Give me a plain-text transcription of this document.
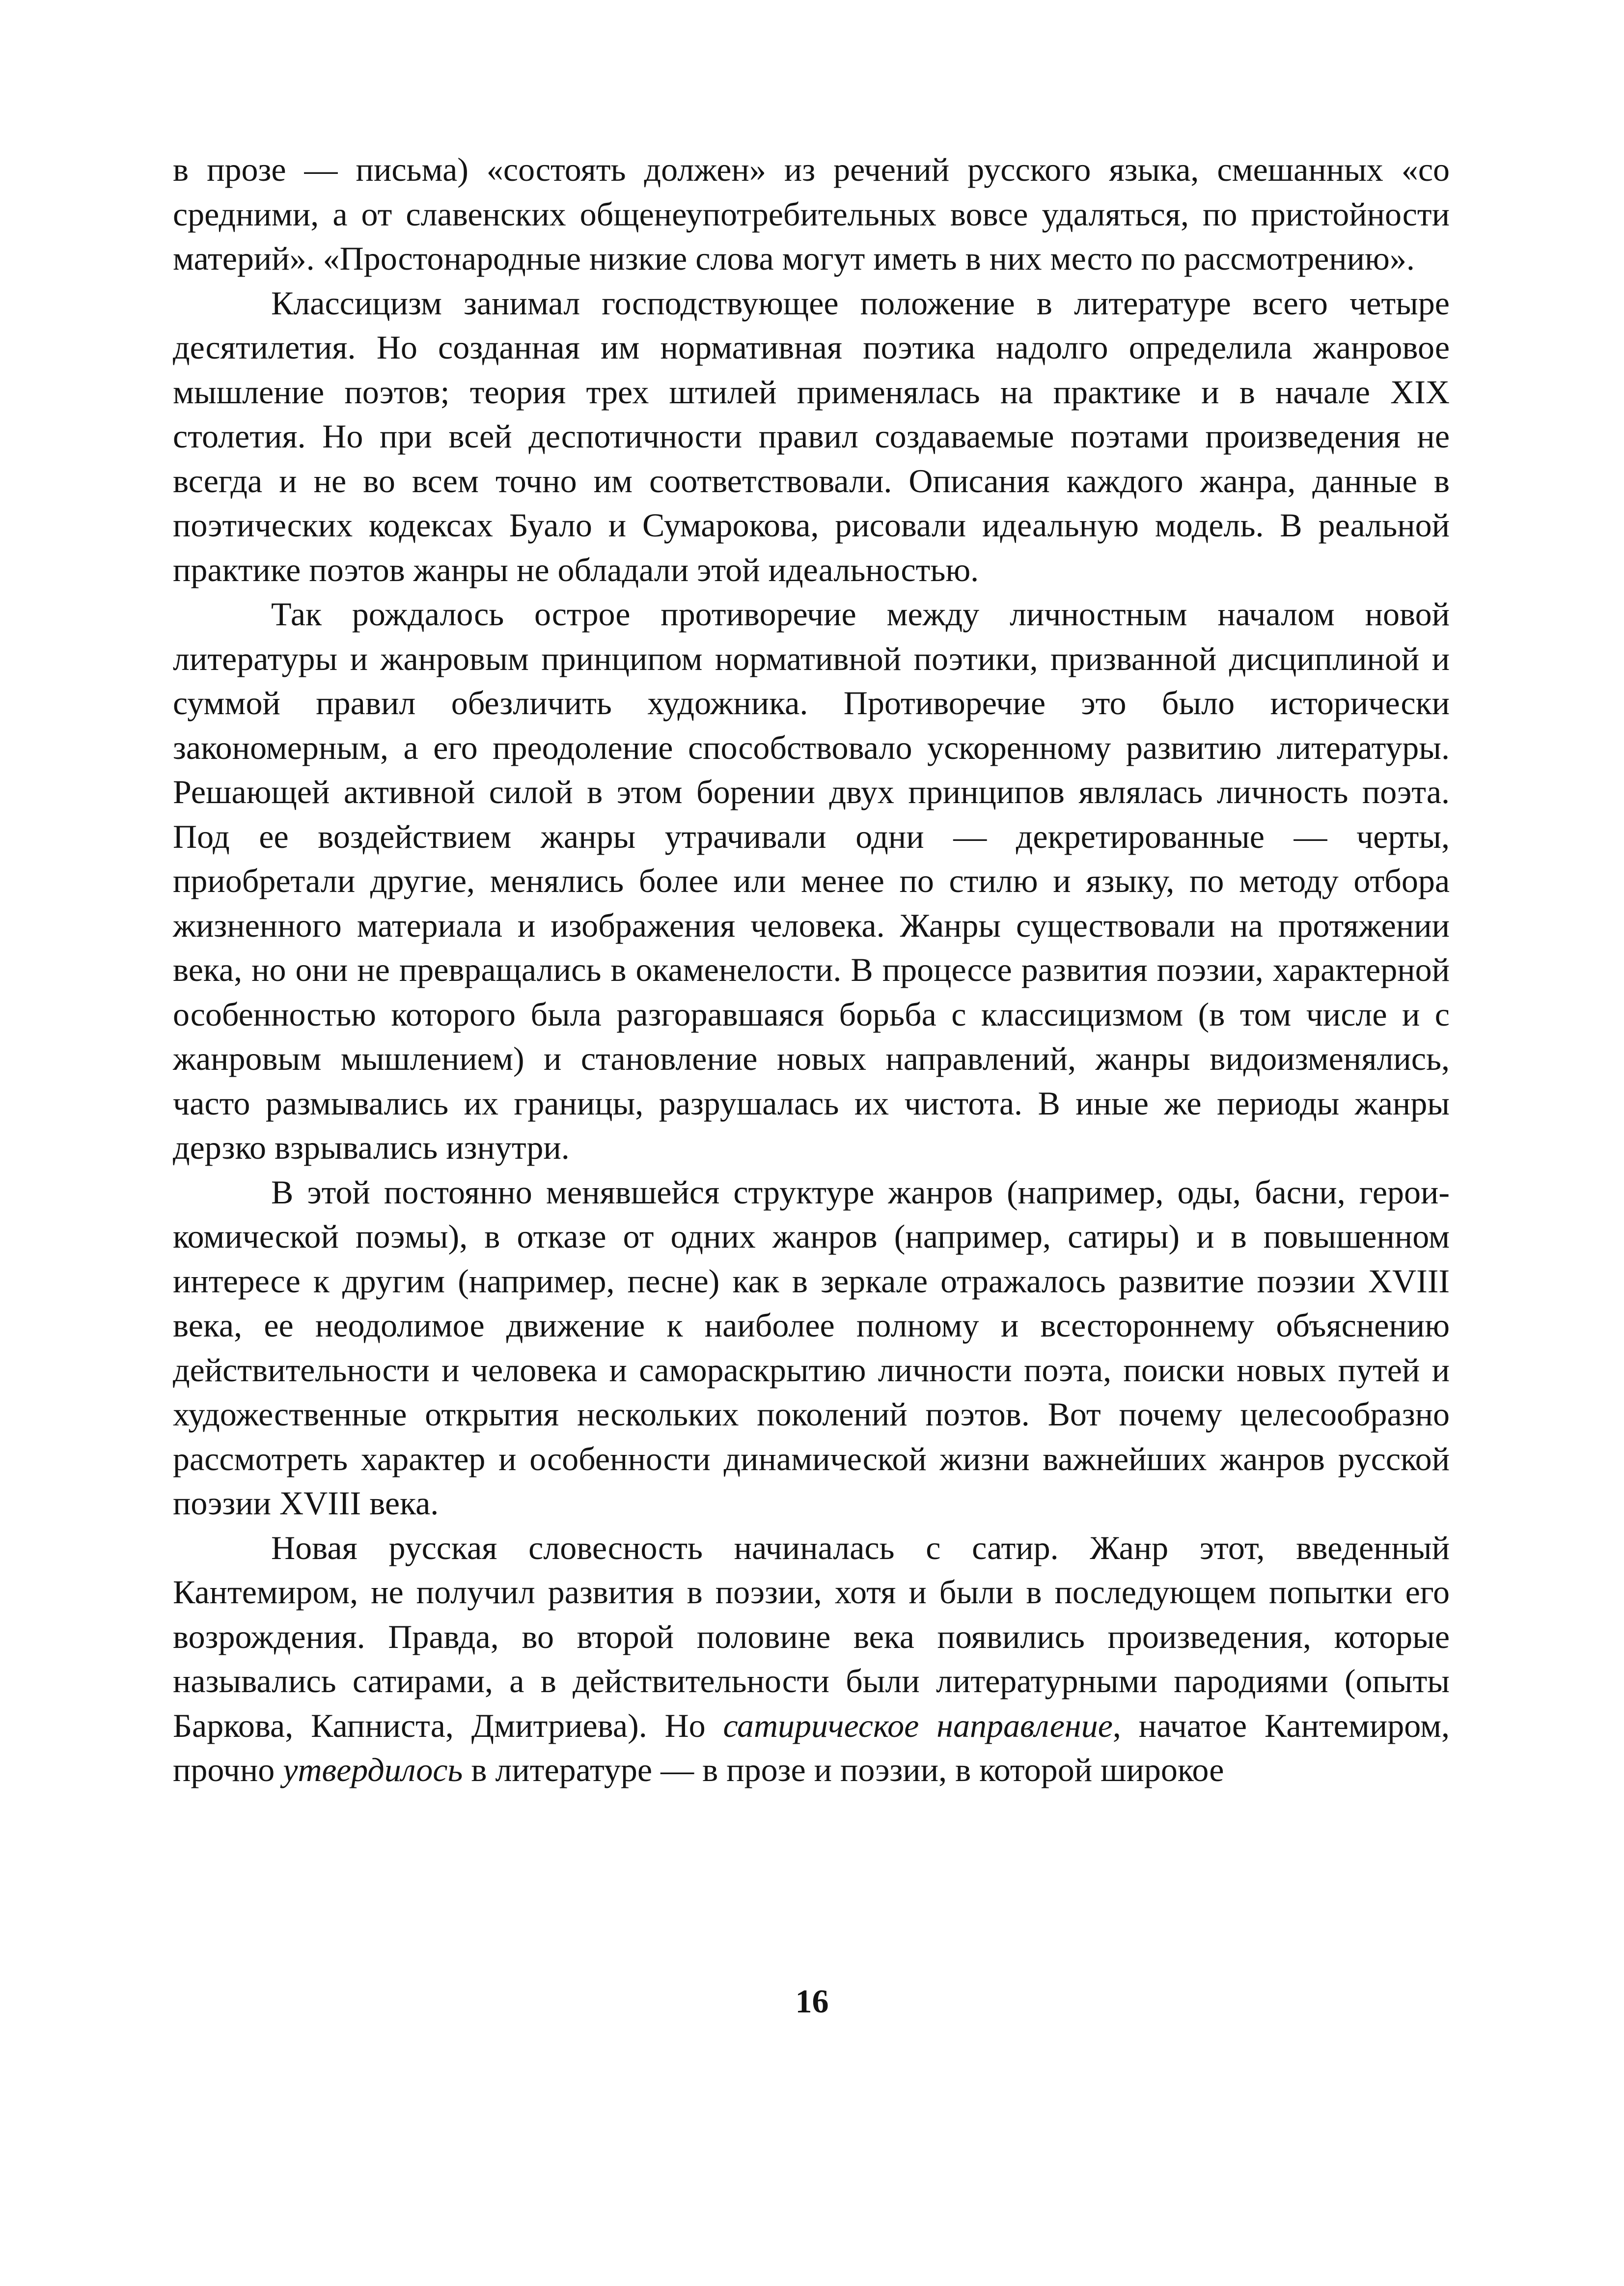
в прозе — письма) «состоять должен» из речений русского языка, смешанных «со средними, а от славенских общенеупотребительных вовсе удаляться, по пристойности материй». «Простонародные низкие слова могут иметь в них место по рассмотрению».

Классицизм занимал господствующее положение в литературе всего четыре десятилетия. Но созданная им нормативная поэтика надолго определила жанровое мышление поэтов; теория трех штилей применялась на практике и в начале XIX столетия. Но при всей деспотичности правил создаваемые поэтами произведения не всегда и не во всем точно им соответствовали. Описания каждого жанра, данные в поэтических кодексах Буало и Сумарокова, рисовали идеальную модель. В реальной практике поэтов жанры не обладали этой идеальностью.

Так рождалось острое противоречие между личностным началом новой литературы и жанровым принципом нормативной поэтики, призванной дисциплиной и суммой правил обезличить художника. Противоречие это было исторически закономерным, а его преодоление способствовало ускоренному развитию литературы. Решающей активной силой в этом борении двух принципов являлась личность поэта. Под ее воздействием жанры утрачивали одни — декретированные — черты, приобретали другие, менялись более или менее по стилю и языку, по методу отбора жизненного материала и изображения человека. Жанры существовали на протяжении века, но они не превращались в окаменелости. В процессе развития поэзии, характерной особенностью которого была разгоравшаяся борьба с классицизмом (в том числе и с жанровым мышлением) и становление новых направлений, жанры видоизменялись, часто размывались их границы, разрушалась их чистота. В иные же периоды жанры дерзко взрывались изнутри.

В этой постоянно менявшейся структуре жанров (например, оды, басни, герои-комической поэмы), в отказе от одних жанров (например, сатиры) и в повышенном интересе к другим (например, песне) как в зеркале отражалось развитие поэзии XVIII века, ее неодолимое движение к наиболее полному и всестороннему объяснению действительности и человека и самораскрытию личности поэта, поиски новых путей и художественные открытия нескольких поколений поэтов. Вот почему целесообразно рассмотреть характер и особенности динамической жизни важнейших жанров русской поэзии XVIII века.

Новая русская словесность начиналась с сатир. Жанр этот, введенный Кантемиром, не получил развития в поэзии, хотя и были в последующем попытки его возрождения. Правда, во второй половине века появились произведения, которые назывались сатирами, а в действительности были литературными пародиями (опыты Баркова, Капниста, Дмитриева). Но сатирическое направление, начатое Кантемиром, прочно утвердилось в литературе — в прозе и поэзии, в которой широкое

16
